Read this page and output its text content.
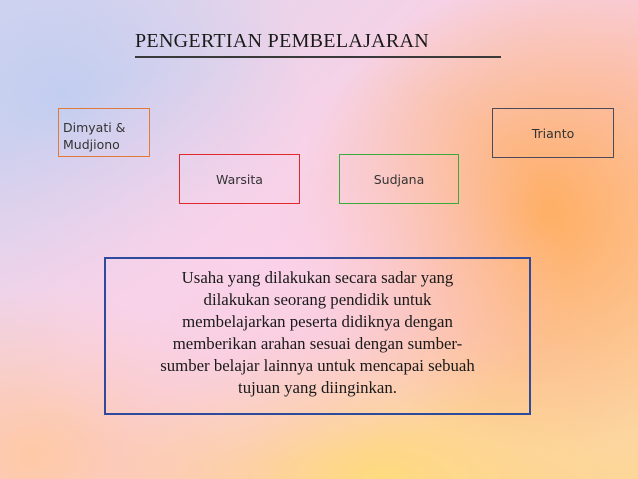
PENGERTIAN PEMBELAJARAN
Dimyati &
Mudjiono
Warsita	Sudjana
Trianto
Usaha yang dilakukan secara sadar yang
dilakukan seorang pendidik untuk
membelajarkan peserta didiknya dengan
memberikan arahan sesuai dengan sumber-
sumber belajar lainnya untuk mencapai sebuah
tujuan yang diinginkan.
